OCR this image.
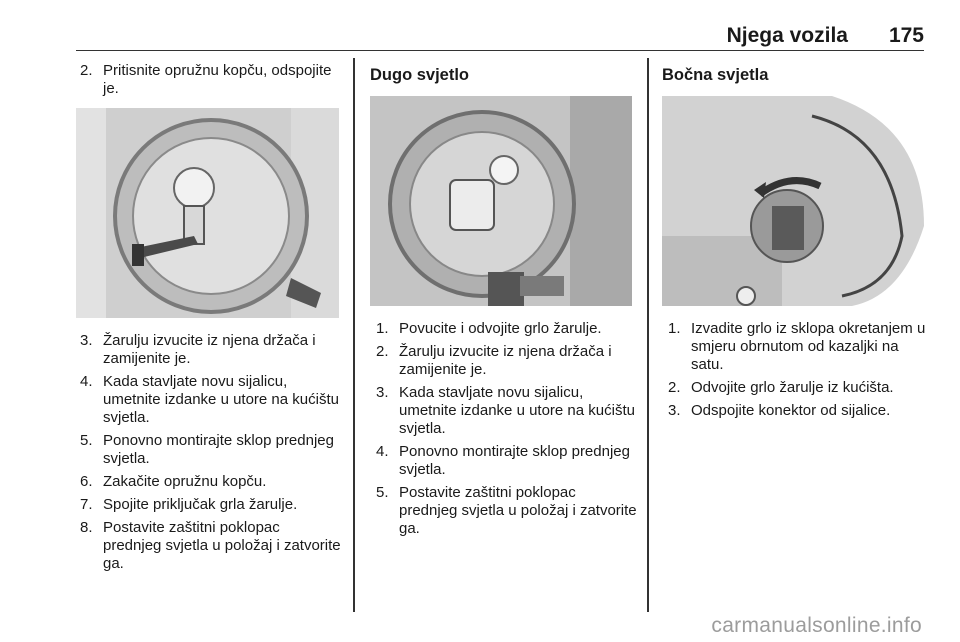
Njega vozila 175
2. Pritisnite opružnu kopču, odspojite je.
3. Žarulju izvucite iz njena držača i zamijenite je.
4. Kada stavljate novu sijalicu, umetnite izdanke u utore na kućištu svjetla.
5. Ponovno montirajte sklop prednjeg svjetla.
6. Zakačite opružnu kopču.
7. Spojite priključak grla žarulje.
8. Postavite zaštitni poklopac prednjeg svjetla u položaj i zatvorite ga.
Dugo svjetlo
1. Povucite i odvojite grlo žarulje.
2. Žarulju izvucite iz njena držača i zamijenite je.
3. Kada stavljate novu sijalicu, umetnite izdanke u utore na kućištu svjetla.
4. Ponovno montirajte sklop prednjeg svjetla.
5. Postavite zaštitni poklopac prednjeg svjetla u položaj i zatvorite ga.
Bočna svjetla
1. Izvadite grlo iz sklopa okretanjem u smjeru obrnutom od kazaljki na satu.
2. Odvojite grlo žarulje iz kućišta.
3. Odspojite konektor od sijalice.
carmanualsonline.info
